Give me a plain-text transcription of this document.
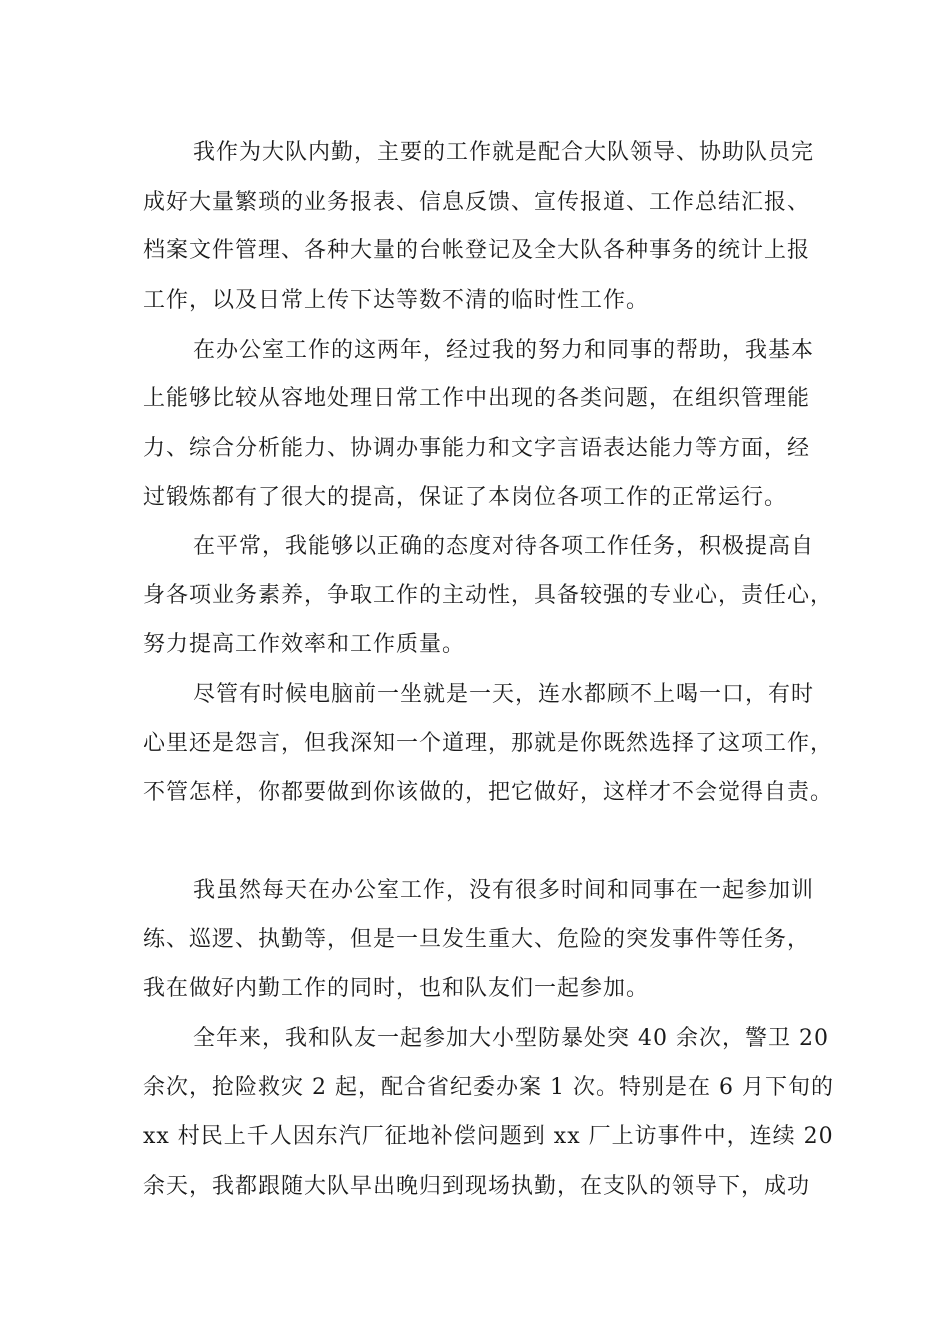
我作为大队内勤，主要的工作就是配合大队领导、协助队员完

成好大量繁琐的业务报表、信息反馈、宣传报道、工作总结汇报、

档案文件管理、各种大量的台帐登记及全大队各种事务的统计上报

工作，以及日常上传下达等数不清的临时性工作。

在办公室工作的这两年，经过我的努力和同事的帮助，我基本

上能够比较从容地处理日常工作中出现的各类问题，在组织管理能

力、综合分析能力、协调办事能力和文字言语表达能力等方面，经

过锻炼都有了很大的提高，保证了本岗位各项工作的正常运行。

在平常，我能够以正确的态度对待各项工作任务，积极提高自

身各项业务素养，争取工作的主动性，具备较强的专业心，责任心，

努力提高工作效率和工作质量。

尽管有时候电脑前一坐就是一天，连水都顾不上喝一口，有时

心里还是怨言，但我深知一个道理，那就是你既然选择了这项工作，

不管怎样，你都要做到你该做的，把它做好，这样才不会觉得自责。

我虽然每天在办公室工作，没有很多时间和同事在一起参加训

练、巡逻、执勤等，但是一旦发生重大、危险的突发事件等任务，

我在做好内勤工作的同时，也和队友们一起参加。

全年来，我和队友一起参加大小型防暴处突 40 余次，警卫 20

余次，抢险救灾 2 起，配合省纪委办案 1 次。特别是在 6 月下旬的

xx 村民上千人因东汽厂征地补偿问题到 xx 厂上访事件中，连续 20

余天，我都跟随大队早出晚归到现场执勤，在支队的领导下，成功
